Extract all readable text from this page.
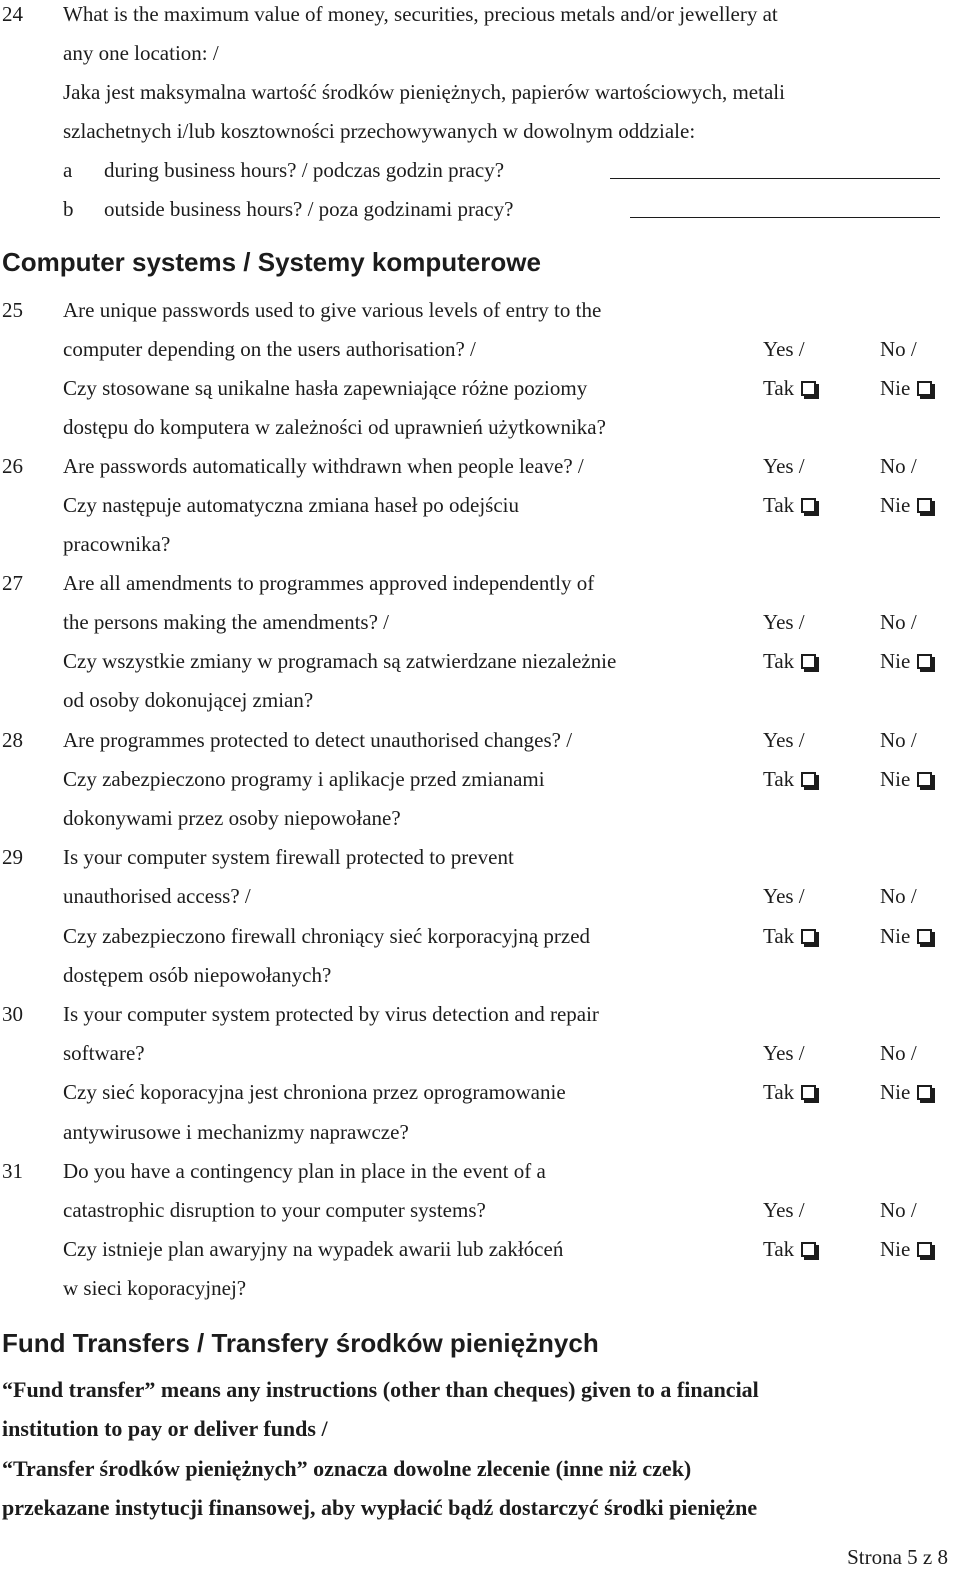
24 What is the maximum value of money, securities, precious metals and/or jewellery at
any one location: /
Jaka jest maksymalna wartość środków pieniężnych, papierów wartościowych, metali
szlachetnych i/lub kosztowności przechowywanych w dowolnym oddziale:
a during business hours? / podczas godzin pracy?
b outside business hours? / poza godzinami pracy?
Computer systems / Systemy komputerowe
25 Are unique passwords used to give various levels of entry to the
computer depending on the users authorisation? /	Yes /	No /
Czy stosowane są unikalne hasła zapewniające różne poziomy	Tak	Nie
dostępu do komputera w zależności od uprawnień użytkownika?
26 Are passwords automatically withdrawn when people leave? /	Yes /	No /
Czy następuje automatyczna zmiana haseł po odejściu	Tak	Nie
pracownika?
27 Are all amendments to programmes approved independently of
the persons making the amendments? /	Yes /	No /
Czy wszystkie zmiany w programach są zatwierdzane niezależnie	Tak	Nie
od osoby dokonującej zmian?
28 Are programmes protected to detect unauthorised changes? /	Yes /	No /
Czy zabezpieczono programy i aplikacje przed zmianami	Tak	Nie
dokonywami przez osoby niepowołane?
29 Is your computer system firewall protected to prevent
unauthorised access? /	Yes /	No /
Czy zabezpieczono firewall chroniący sieć korporacyjną przed	Tak	Nie
dostępem osób niepowołanych?
30 Is your computer system protected by virus detection and repair
software?	Yes /	No /
Czy sieć koporacyjna jest chroniona przez oprogramowanie	Tak	Nie
antywirusowe i mechanizmy naprawcze?
31 Do you have a contingency plan in place in the event of a
catastrophic disruption to your computer systems?	Yes /	No /
Czy istnieje plan awaryjny na wypadek awarii lub zakłóceń	Tak	Nie
w sieci koporacyjnej?
Fund Transfers / Transfery środków pieniężnych
“Fund transfer” means any instructions (other than cheques) given to a financial
institution to pay or deliver funds /
“Transfer środków pieniężnych” oznacza dowolne zlecenie (inne niż czek)
przekazane instytucji finansowej, aby wypłacić bądź dostarczyć środki pieniężne
Strona 5 z 8
